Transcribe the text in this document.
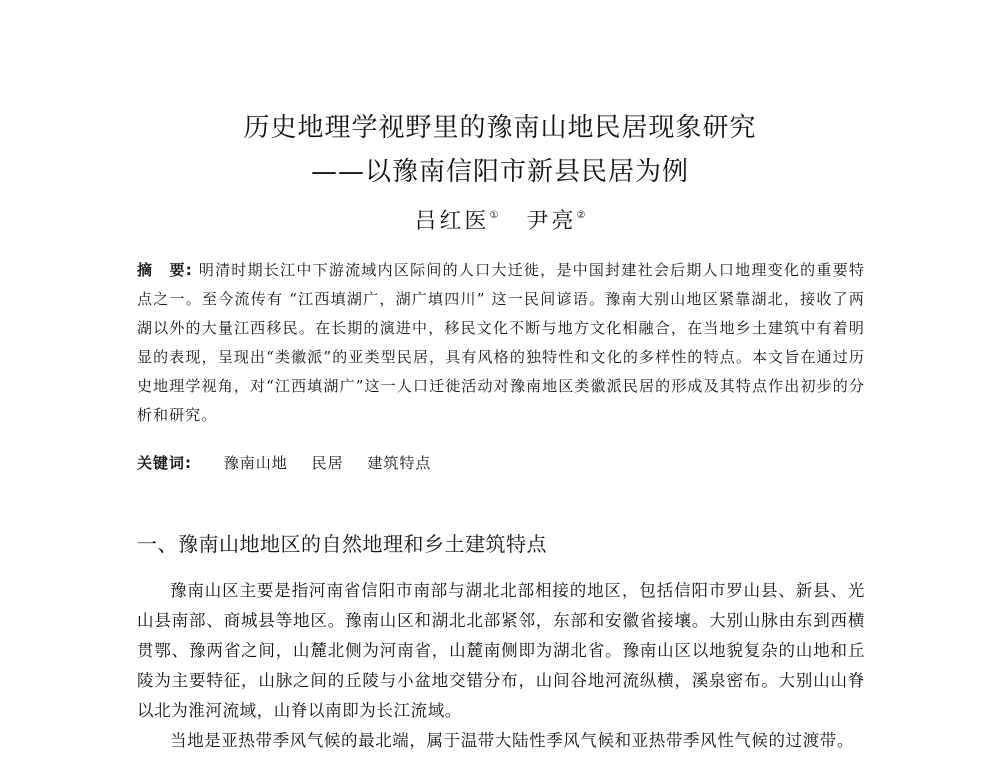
历史地理学视野里的豫南山地民居现象研究
——以豫南信阳市新县民居为例
吕红医① 尹亮②
摘　要: 明清时期长江中下游流域内区际间的人口大迁徙，是中国封建社会后期人口地理变化的重要特点之一。至今流传有 “江西填湖广，湖广填四川” 这一民间谚语。豫南大别山地区紧靠湖北，接收了两湖以外的大量江西移民。在长期的演进中，移民文化不断与地方文化相融合，在当地乡土建筑中有着明显的表现，呈现出“类徽派”的亚类型民居，具有风格的独特性和文化的多样性的特点。本文旨在通过历史地理学视角，对“江西填湖广”这一人口迁徙活动对豫南地区类徽派民居的形成及其特点作出初步的分析和研究。
关键词: 豫南山地 民居 建筑特点
一、豫南山地地区的自然地理和乡土建筑特点

豫南山区主要是指河南省信阳市南部与湖北北部相接的地区，包括信阳市罗山县、新县、光山县南部、商城县等地区。豫南山区和湖北北部紧邻，东部和安徽省接壤。大别山脉由东到西横贯鄂、豫两省之间，山麓北侧为河南省，山麓南侧即为湖北省。豫南山区以地貌复杂的山地和丘陵为主要特征，山脉之间的丘陵与小盆地交错分布，山间谷地河流纵横，溪泉密布。大别山山脊以北为淮河流域，山脊以南即为长江流域。

当地是亚热带季风气候的最北端，属于温带大陆性季风气候和亚热带季风性气候的过渡带。
